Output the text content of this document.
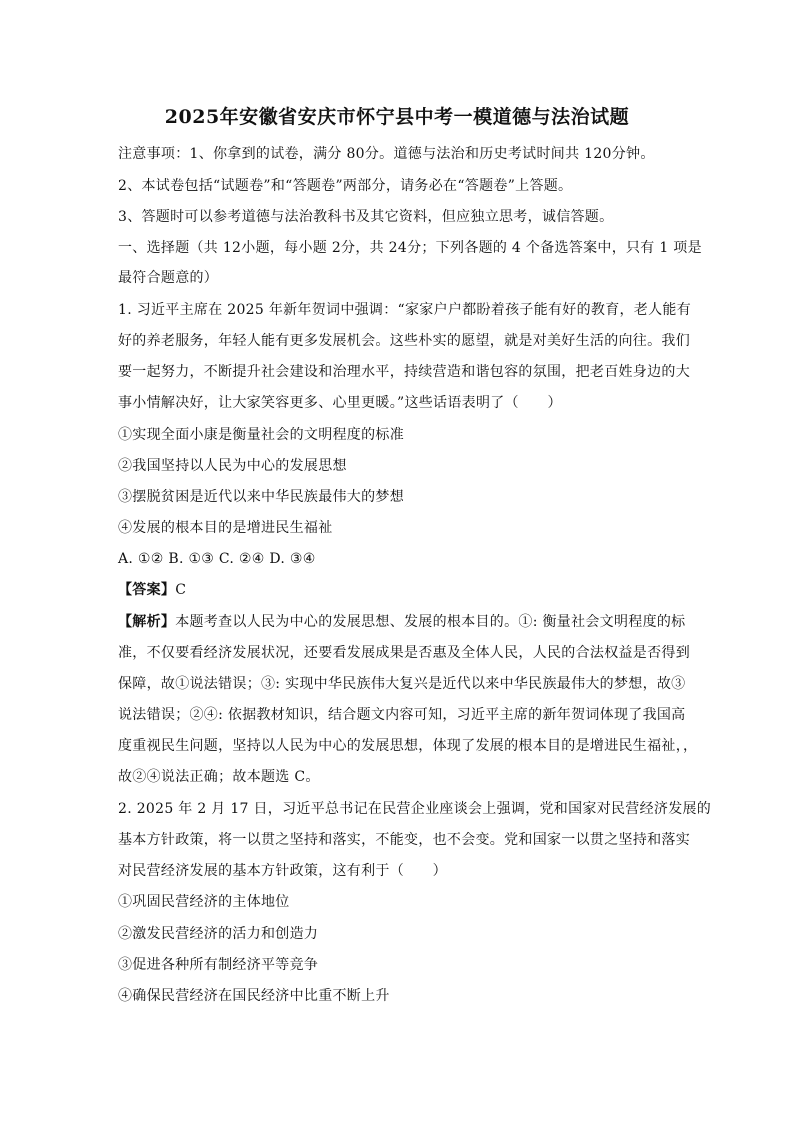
2025年安徽省安庆市怀宁县中考一模道德与法治试题
注意事项：1、你拿到的试卷，满分 80分。道德与法治和历史考试时间共 120分钟。
2、本试卷包括“试题卷”和“答题卷”两部分，请务必在“答题卷”上答题。
3、答题时可以参考道德与法治教科书及其它资料，但应独立思考，诚信答题。
一、选择题（共 12小题，每小题 2分，共 24分；下列各题的 4 个备选答案中，只有 1 项是
最符合题意的）
1. 习近平主席在 2025 年新年贺词中强调：“家家户户都盼着孩子能有好的教育，老人能有
好的养老服务，年轻人能有更多发展机会。这些朴实的愿望，就是对美好生活的向往。我们
要一起努力，不断提升社会建设和治理水平，持续营造和谐包容的氛围，把老百姓身边的大
事小情解决好，让大家笑容更多、心里更暖。”这些话语表明了（　　）
①实现全面小康是衡量社会的文明程度的标准
②我国坚持以人民为中心的发展思想
③摆脱贫困是近代以来中华民族最伟大的梦想
④发展的根本目的是增进民生福祉
A. ①② B. ①③ C. ②④ D. ③④
【答案】C
【解析】本题考查以人民为中心的发展思想、发展的根本目的。①: 衡量社会文明程度的标
准，不仅要看经济发展状况，还要看发展成果是否惠及全体人民，人民的合法权益是否得到
保障，故①说法错误；③: 实现中华民族伟大复兴是近代以来中华民族最伟大的梦想，故③
说法错误；②④: 依据教材知识，结合题文内容可知，习近平主席的新年贺词体现了我国高
度重视民生问题，坚持以人民为中心的发展思想，体现了发展的根本目的是增进民生福祉，，
故②④说法正确；故本题选 C。
2. 2025 年 2 月 17 日，习近平总书记在民营企业座谈会上强调，党和国家对民营经济发展的
基本方针政策，将一以贯之坚持和落实，不能变，也不会变。党和国家一以贯之坚持和落实
对民营经济发展的基本方针政策，这有利于（　　）
①巩固民营经济的主体地位
②激发民营经济的活力和创造力
③促进各种所有制经济平等竞争
④确保民营经济在国民经济中比重不断上升
